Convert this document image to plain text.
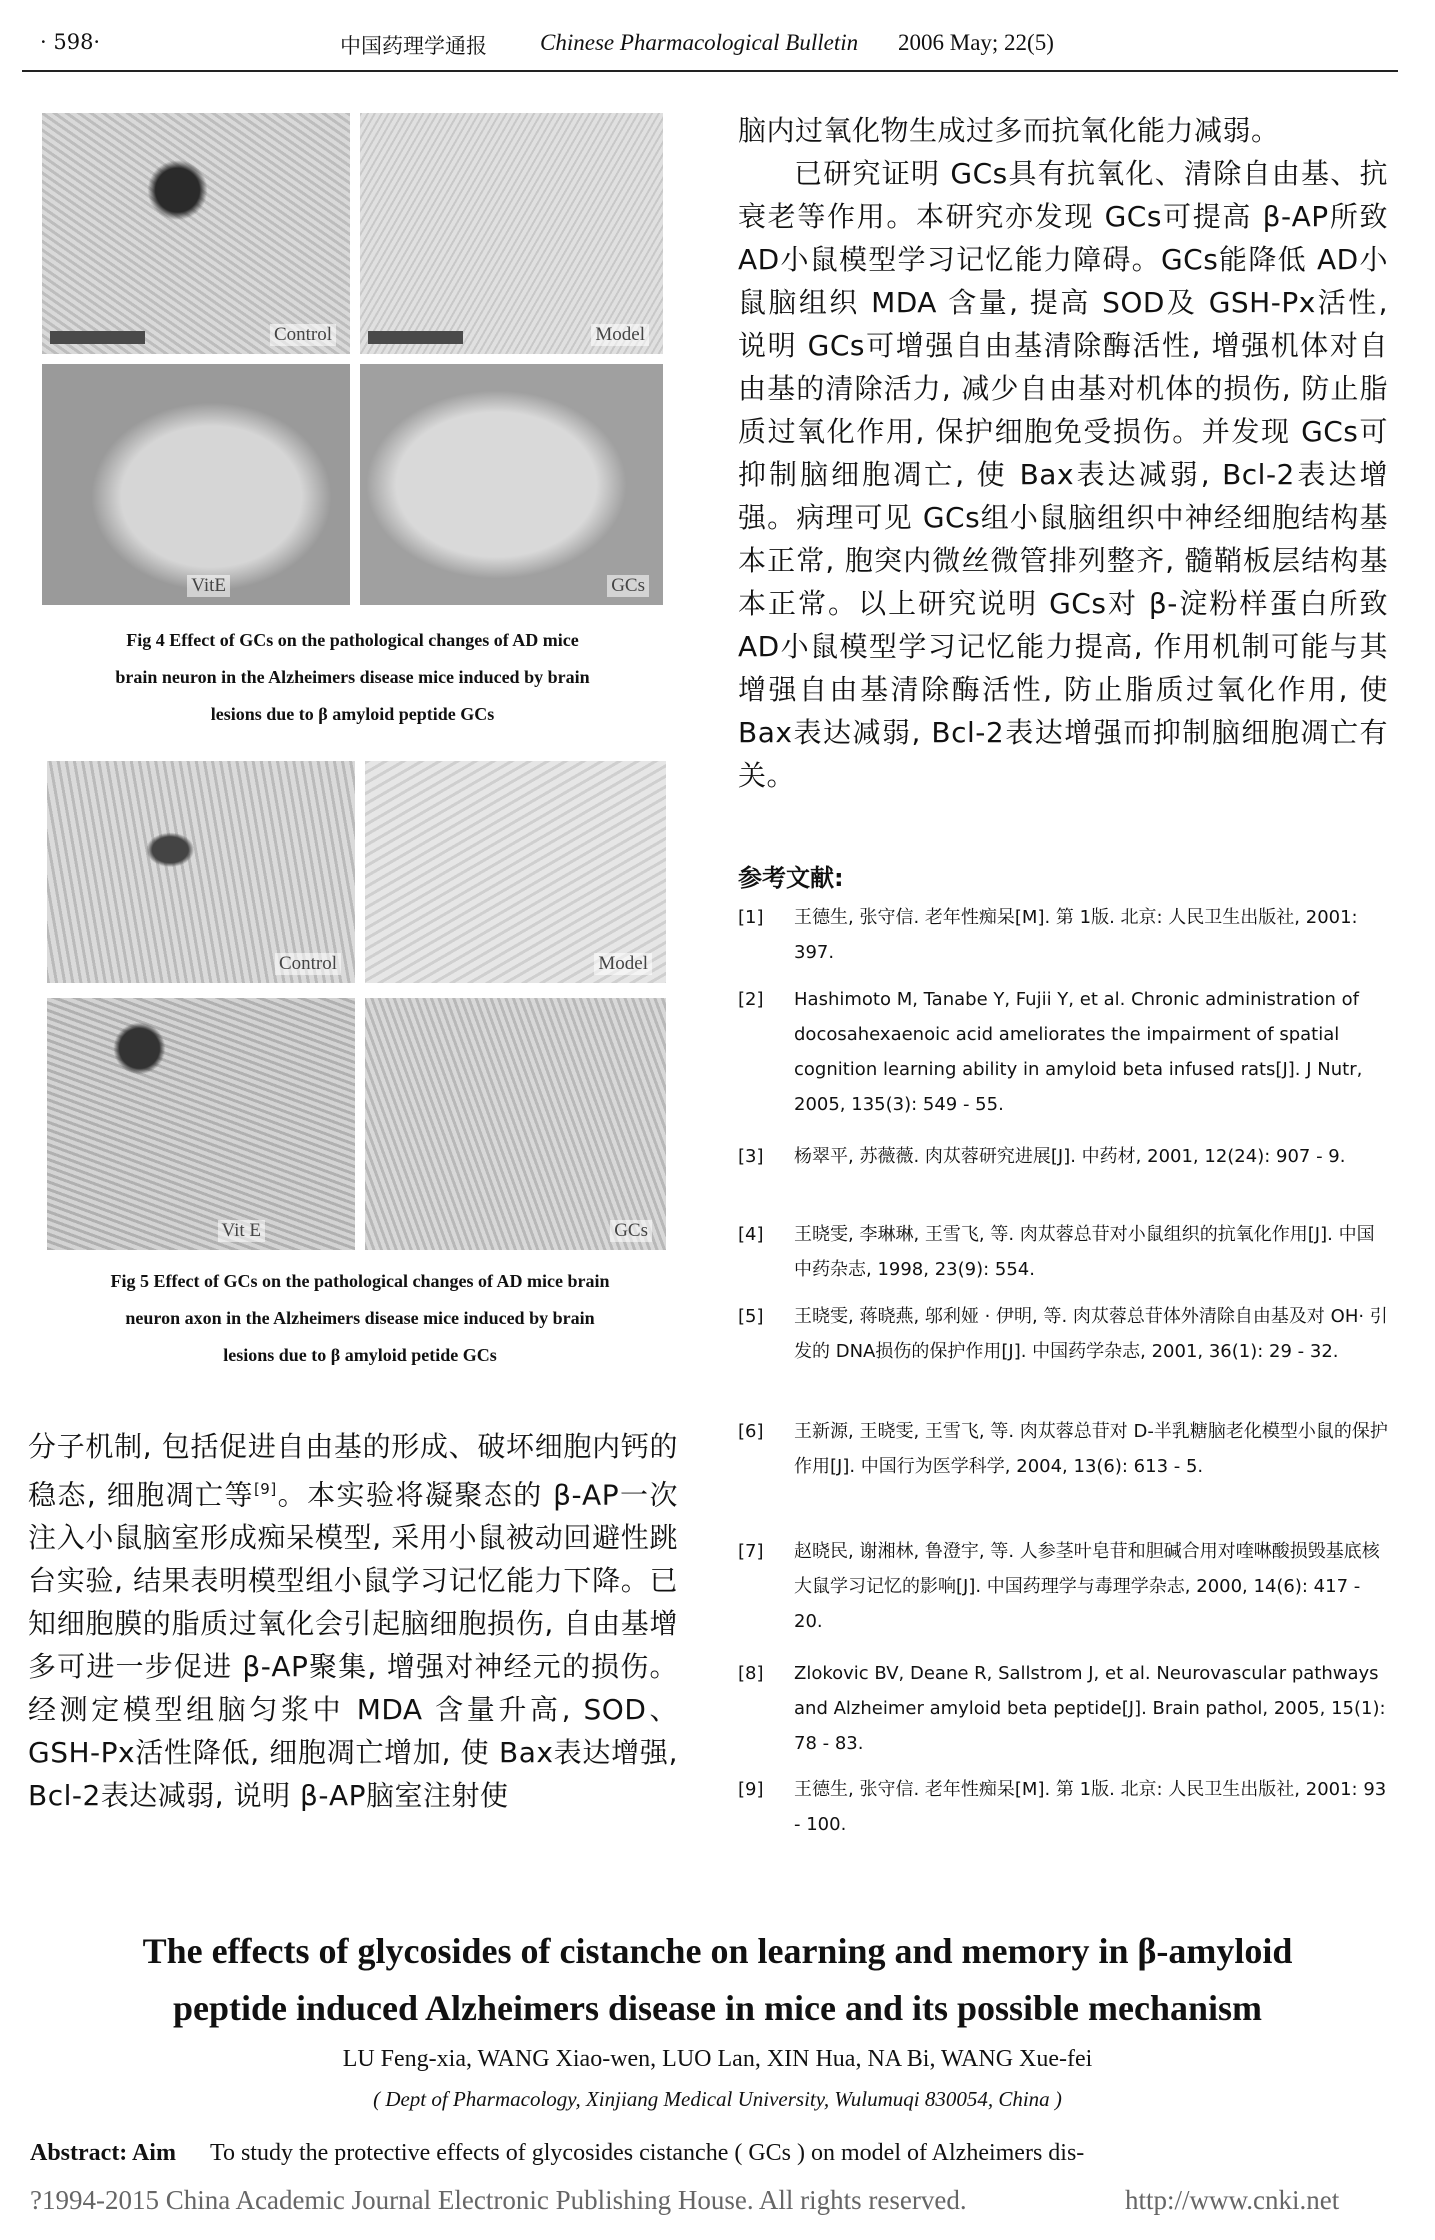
· 598·	中国药理学通报 Chinese Pharmacological Bulletin 2006 May; 22(5)
Control	Model
VitE	GCs
Fig 4 Effect of GCs on the pathological changes of AD mice
brain neuron in the Alzheimers disease mice induced by brain
lesions due to β amyloid peptide GCs
Control	Model
Vit E	GCs
Fig 5 Effect of GCs on the pathological changes of AD mice brain
neuron axon in the Alzheimers disease mice induced by brain
lesions due to β amyloid petide GCs

分子机制, 包括促进自由基的形成、破坏细胞内钙的稳态, 细胞凋亡等[9]。本实验将凝聚态的 β-AP一次注入小鼠脑室形成痴呆模型, 采用小鼠被动回避性跳台实验, 结果表明模型组小鼠学习记忆能力下降。已知细胞膜的脂质过氧化会引起脑细胞损伤, 自由基增多可进一步促进 β-AP聚集, 增强对神经元的损伤。经测定模型组脑匀浆中 MDA 含量升高, SOD、GSH-Px活性降低, 细胞凋亡增加, 使 Bax表达增强, Bcl-2表达减弱, 说明 β-AP脑室注射使

脑内过氧化物生成过多而抗氧化能力减弱。

已研究证明 GCs具有抗氧化、清除自由基、抗衰老等作用。本研究亦发现 GCs可提高 β-AP所致AD小鼠模型学习记忆能力障碍。GCs能降低 AD小鼠脑组织 MDA 含量, 提高 SOD及 GSH-Px活性, 说明 GCs可增强自由基清除酶活性, 增强机体对自由基的清除活力, 减少自由基对机体的损伤, 防止脂质过氧化作用, 保护细胞免受损伤。并发现 GCs可抑制脑细胞凋亡, 使 Bax表达减弱, Bcl-2表达增强。病理可见 GCs组小鼠脑组织中神经细胞结构基本正常, 胞突内微丝微管排列整齐, 髓鞘板层结构基本正常。以上研究说明 GCs对 β-淀粉样蛋白所致 AD小鼠模型学习记忆能力提高, 作用机制可能与其增强自由基清除酶活性, 防止脂质过氧化作用, 使 Bax表达减弱, Bcl-2表达增强而抑制脑细胞凋亡有关。

参考文献:
[1] 王德生, 张守信. 老年性痴呆[M]. 第 1版. 北京: 人民卫生出版社, 2001: 397.
[2] Hashimoto M, Tanabe Y, Fujii Y, et al. Chronic administration of docosahexaenoic acid ameliorates the impairment of spatial cognition learning ability in amyloid beta infused rats[J]. J Nutr, 2005, 135(3): 549 - 55.
[3] 杨翠平, 苏薇薇. 肉苁蓉研究进展[J]. 中药材, 2001, 12(24): 907 - 9.
[4] 王晓雯, 李琳琳, 王雪飞, 等. 肉苁蓉总苷对小鼠组织的抗氧化作用[J]. 中国中药杂志, 1998, 23(9): 554.
[5] 王晓雯, 蒋晓燕, 邬利娅 · 伊明, 等. 肉苁蓉总苷体外清除自由基及对 OH· 引发的 DNA损伤的保护作用[J]. 中国药学杂志, 2001, 36(1): 29 - 32.
[6] 王新源, 王晓雯, 王雪飞, 等. 肉苁蓉总苷对 D-半乳糖脑老化模型小鼠的保护作用[J]. 中国行为医学科学, 2004, 13(6): 613 - 5.
[7] 赵晓民, 谢湘林, 鲁澄宇, 等. 人参茎叶皂苷和胆碱合用对喹啉酸损毁基底核大鼠学习记忆的影响[J]. 中国药理学与毒理学杂志, 2000, 14(6): 417 - 20.
[8] Zlokovic BV, Deane R, Sallstrom J, et al. Neurovascular pathways and Alzheimer amyloid beta peptide[J]. Brain pathol, 2005, 15(1): 78 - 83.
[9] 王德生, 张守信. 老年性痴呆[M]. 第 1版. 北京: 人民卫生出版社, 2001: 93 - 100.
The effects of glycosides of cistanche on learning and memory in β-amyloid
peptide induced Alzheimers disease in mice and its possible mechanism
LU Feng-xia, WANG Xiao-wen, LUO Lan, XIN Hua, NA Bi, WANG Xue-fei
( Dept of Pharmacology, Xinjiang Medical University, Wulumuqi 830054, China )
Abstract: Aim To study the protective effects of glycosides cistanche ( GCs ) on model of Alzheimers dis-
?1994-2015 China Academic Journal Electronic Publishing House. All rights reserved.	http://www.cnki.net
